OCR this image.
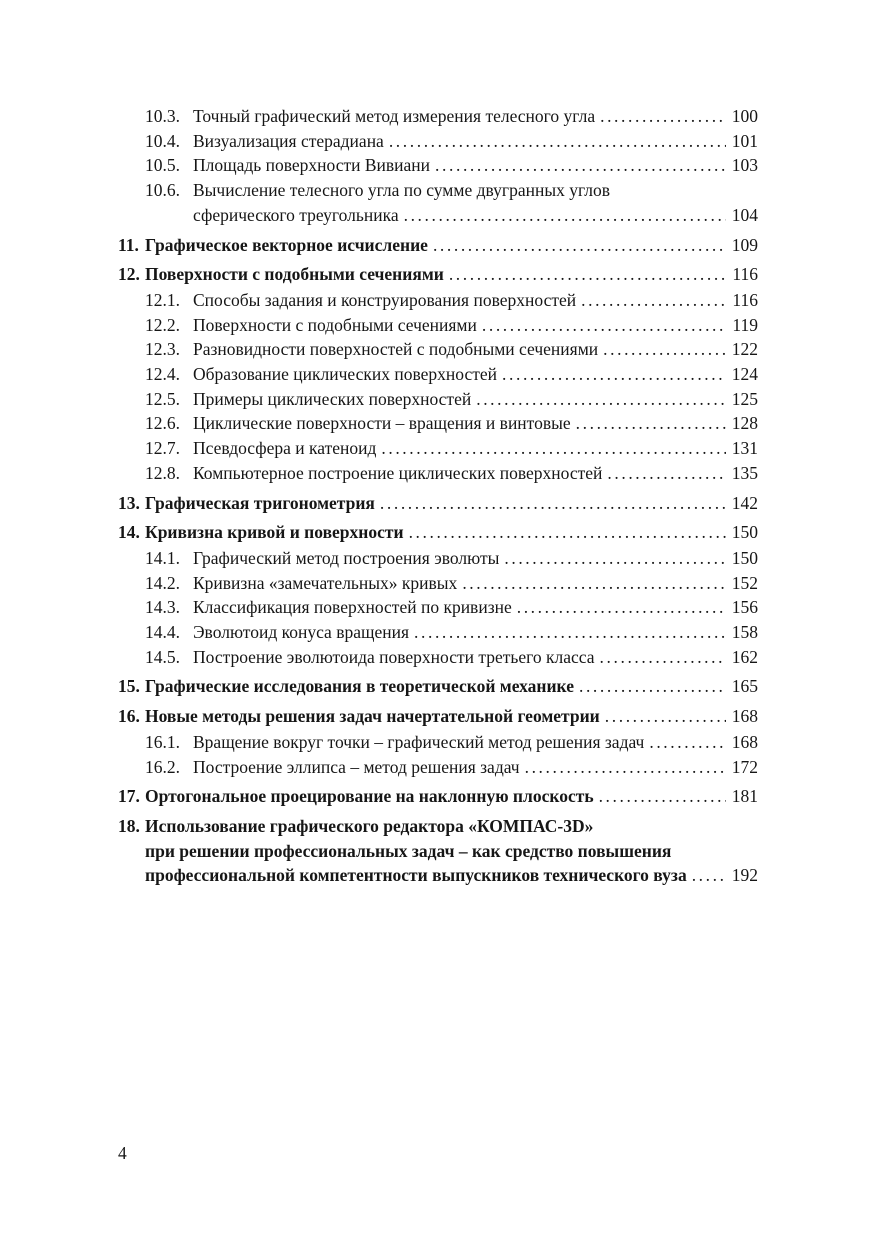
10.3. Точный графический метод измерения телесного угла .....	100
10.4. Визуализация стерадиана .....	101
10.5. Площадь поверхности Вивиани .....	103
10.6. Вычисление телесного угла по сумме двугранных углов
сферического треугольника .....	104
11. Графическое векторное исчисление .....	109
12. Поверхности с подобными сечениями .....	116
12.1. Способы задания и конструирования поверхностей .....	116
12.2. Поверхности с подобными сечениями .....	119
12.3. Разновидности поверхностей с подобными сечениями .....	122
12.4. Образование циклических поверхностей .....	124
12.5. Примеры циклических поверхностей .....	125
12.6. Циклические поверхности – вращения и винтовые .....	128
12.7. Псевдосфера и катеноид .....	131
12.8. Компьютерное построение циклических поверхностей .....	135
13. Графическая тригонометрия .....	142
14. Кривизна кривой и поверхности .....	150
14.1. Графический метод построения эволюты .....	150
14.2. Кривизна «замечательных» кривых .....	152
14.3. Классификация поверхностей по кривизне .....	156
14.4. Эволютоид конуса вращения .....	158
14.5. Построение эволютоида поверхности третьего класса .....	162
15. Графические исследования в теоретической механике .....	165
16. Новые методы решения задач начертательной геометрии .....	168
16.1. Вращение вокруг точки – графический метод решения задач .....	168
16.2. Построение эллипса – метод решения задач .....	172
17. Ортогональное проецирование на наклонную плоскость .....	181
18. Использование графического редактора «КОМПАС-3D»
при решении профессиональных задач – как средство повышения
профессиональной компетентности выпускников технического вуза .....	192
4
